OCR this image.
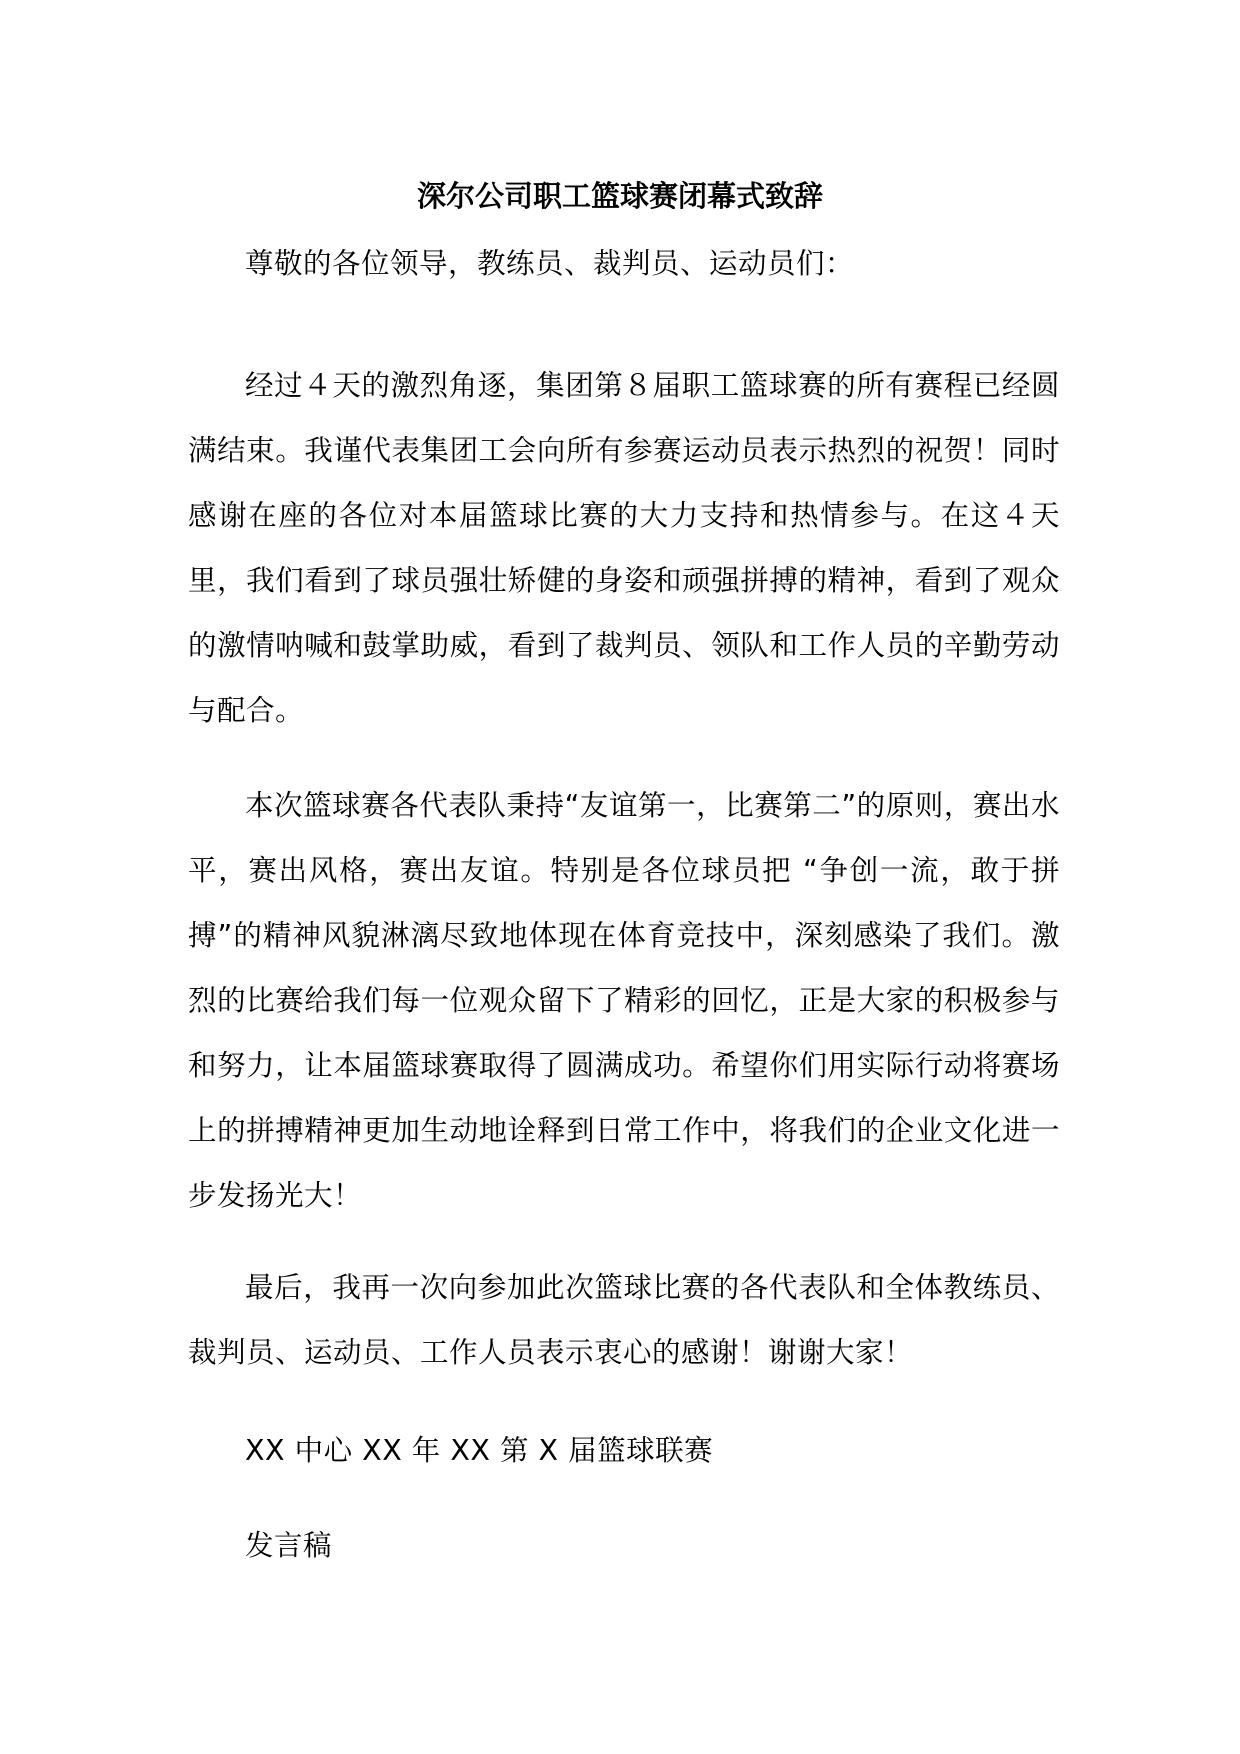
深尔公司职工篮球赛闭幕式致辞

尊敬的各位领导，教练员、裁判员、运动员们：

经过４天的激烈角逐，集团第８届职工篮球赛的所有赛程已经圆满结束。我谨代表集团工会向所有参赛运动员表示热烈的祝贺！同时感谢在座的各位对本届篮球比赛的大力支持和热情参与。在这４天里，我们看到了球员强壮矫健的身姿和顽强拼搏的精神，看到了观众的激情呐喊和鼓掌助威，看到了裁判员、领队和工作人员的辛勤劳动与配合。

本次篮球赛各代表队秉持“友谊第一，比赛第二”的原则，赛出水平，赛出风格，赛出友谊。特别是各位球员把 “争创一流，敢于拼搏”的精神风貌淋漓尽致地体现在体育竞技中，深刻感染了我们。激烈的比赛给我们每一位观众留下了精彩的回忆，正是大家的积极参与和努力，让本届篮球赛取得了圆满成功。希望你们用实际行动将赛场上的拼搏精神更加生动地诠释到日常工作中，将我们的企业文化进一步发扬光大！

最后，我再一次向参加此次篮球比赛的各代表队和全体教练员、裁判员、运动员、工作人员表示衷心的感谢！谢谢大家！

XX 中心 XX 年 XX 第 X 届篮球联赛

发言稿
